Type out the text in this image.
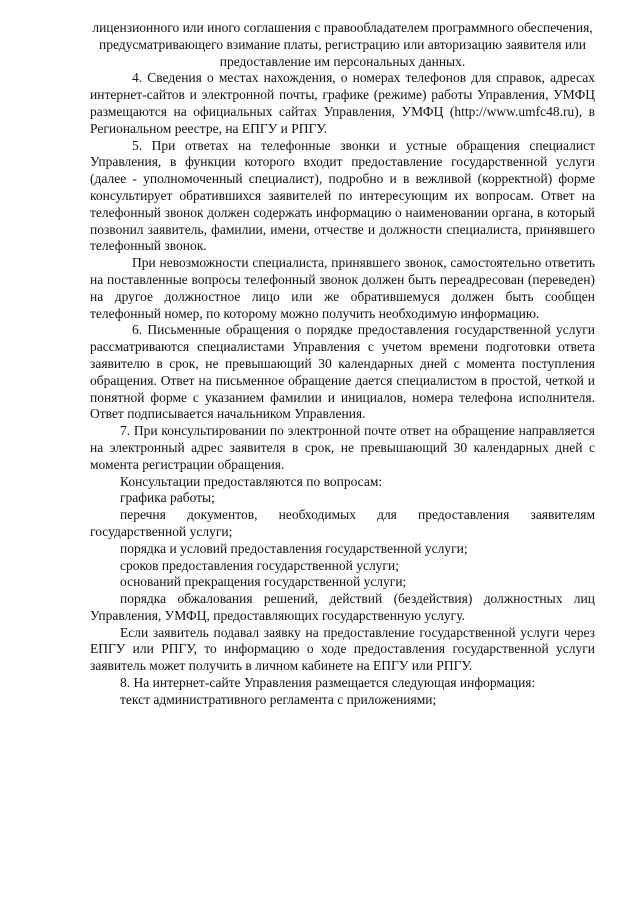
лицензионного или иного соглашения с правообладателем программного обеспечения, предусматривающего взимание платы, регистрацию или авторизацию заявителя или предоставление им персональных данных.

4. Сведения о местах нахождения, о номерах телефонов для справок, адресах интернет-сайтов и электронной почты, графике (режиме) работы Управления, УМФЦ размещаются на официальных сайтах Управления, УМФЦ (http://www.umfc48.ru), в Региональном реестре, на ЕПГУ и РПГУ.

5. При ответах на телефонные звонки и устные обращения специалист Управления, в функции которого входит предоставление государственной услуги (далее - уполномоченный специалист), подробно и в вежливой (корректной) форме консультирует обратившихся заявителей по интересующим их вопросам. Ответ на телефонный звонок должен содержать информацию о наименовании органа, в который позвонил заявитель, фамилии, имени, отчестве и должности специалиста, принявшего телефонный звонок.

При невозможности специалиста, принявшего звонок, самостоятельно ответить на поставленные вопросы телефонный звонок должен быть переадресован (переведен) на другое должностное лицо или же обратившемуся должен быть сообщен телефонный номер, по которому можно получить необходимую информацию.

6. Письменные обращения о порядке предоставления государственной услуги рассматриваются специалистами Управления с учетом времени подготовки ответа заявителю в срок, не превышающий 30 календарных дней с момента поступления обращения. Ответ на письменное обращение дается специалистом в простой, четкой и понятной форме с указанием фамилии и инициалов, номера телефона исполнителя. Ответ подписывается начальником Управления.

7. При консультировании по электронной почте ответ на обращение направляется на электронный адрес заявителя в срок, не превышающий 30 календарных дней с момента регистрации обращения.

Консультации предоставляются по вопросам:

графика работы;

перечня документов, необходимых для предоставления заявителям государственной услуги;

порядка и условий предоставления государственной услуги;

сроков предоставления государственной услуги;

оснований прекращения государственной услуги;

порядка обжалования решений, действий (бездействия) должностных лиц Управления, УМФЦ, предоставляющих государственную услугу.

Если заявитель подавал заявку на предоставление государственной услуги через ЕПГУ или РПГУ, то информацию о ходе предоставления государственной услуги заявитель может получить в личном кабинете на ЕПГУ или РПГУ.

8. На интернет-сайте Управления размещается следующая информация:

текст административного регламента с приложениями;
